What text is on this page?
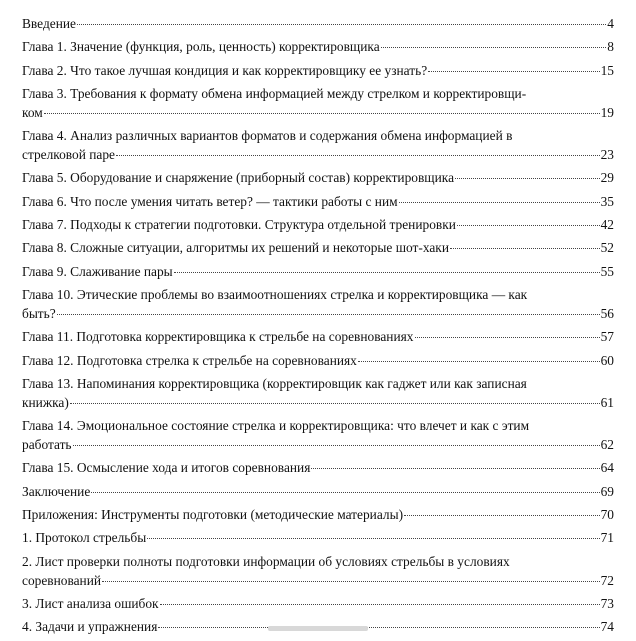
Введение	4
Глава 1. Значение (функция, роль, ценность) корректировщика	8
Глава 2. Что такое лучшая кондиция и как корректировщику ее узнать?	15
Глава 3. Требования к формату обмена информацией между стрелком и корректировщи-
ком	19
Глава 4. Анализ различных вариантов форматов и содержания обмена информацией в
стрелковой паре	23
Глава 5. Оборудование и снаряжение (приборный состав) корректировщика	29
Глава 6. Что после умения читать ветер? — тактики работы с ним	35
Глава 7. Подходы к стратегии подготовки. Структура отдельной тренировки	42
Глава 8. Сложные ситуации, алгоритмы их решений и некоторые шот-хаки	52
Глава 9. Слаживание пары	55
Глава 10. Этические проблемы во взаимоотношениях стрелка и корректировщика — как
быть?	56
Глава 11. Подготовка корректировщика к стрельбе на соревнованиях	57
Глава 12. Подготовка стрелка к стрельбе на соревнованиях	60
Глава 13. Напоминания корректировщика (корректировщик как гаджет или как записная
книжка)	61
Глава 14. Эмоциональное состояние стрелка и корректировщика: что влечет и как с этим
работать	62
Глава 15. Осмысление хода и итогов соревнования	64
Заключение	69
Приложения: Инструменты подготовки (методические материалы)	70
1. Протокол стрельбы	71
2. Лист проверки полноты подготовки информации об условиях стрельбы в условиях
соревнований	72
3. Лист анализа ошибок	73
4. Задачи и упражнения	74
